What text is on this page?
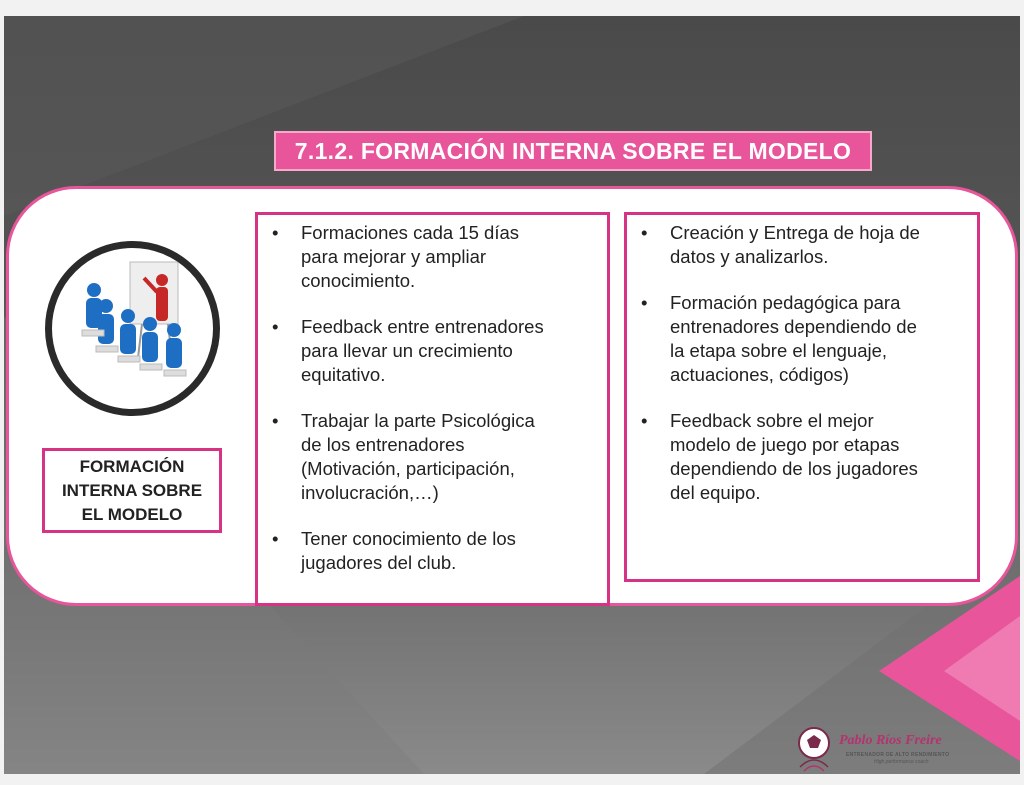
7.1.2. FORMACIÓN INTERNA SOBRE EL MODELO
FORMACIÓN
INTERNA SOBRE
EL MODELO
• Formaciones cada 15 días
para mejorar y ampliar
conocimiento.
• Feedback entre entrenadores
para llevar un crecimiento
equitativo.
• Trabajar la parte Psicológica
de los entrenadores
(Motivación, participación,
involucración,…)
• Tener conocimiento de los
jugadores del club.
• Creación y Entrega de hoja de
datos y analizarlos.
• Formación pedagógica para
entrenadores dependiendo de
la etapa sobre el lenguaje,
actuaciones, códigos)
• Feedback sobre el mejor
modelo de juego por etapas
dependiendo de los jugadores
del equipo.
Pablo Ríos Freire
ENTRENADOR DE ALTO RENDIMIENTO
High performance coach
